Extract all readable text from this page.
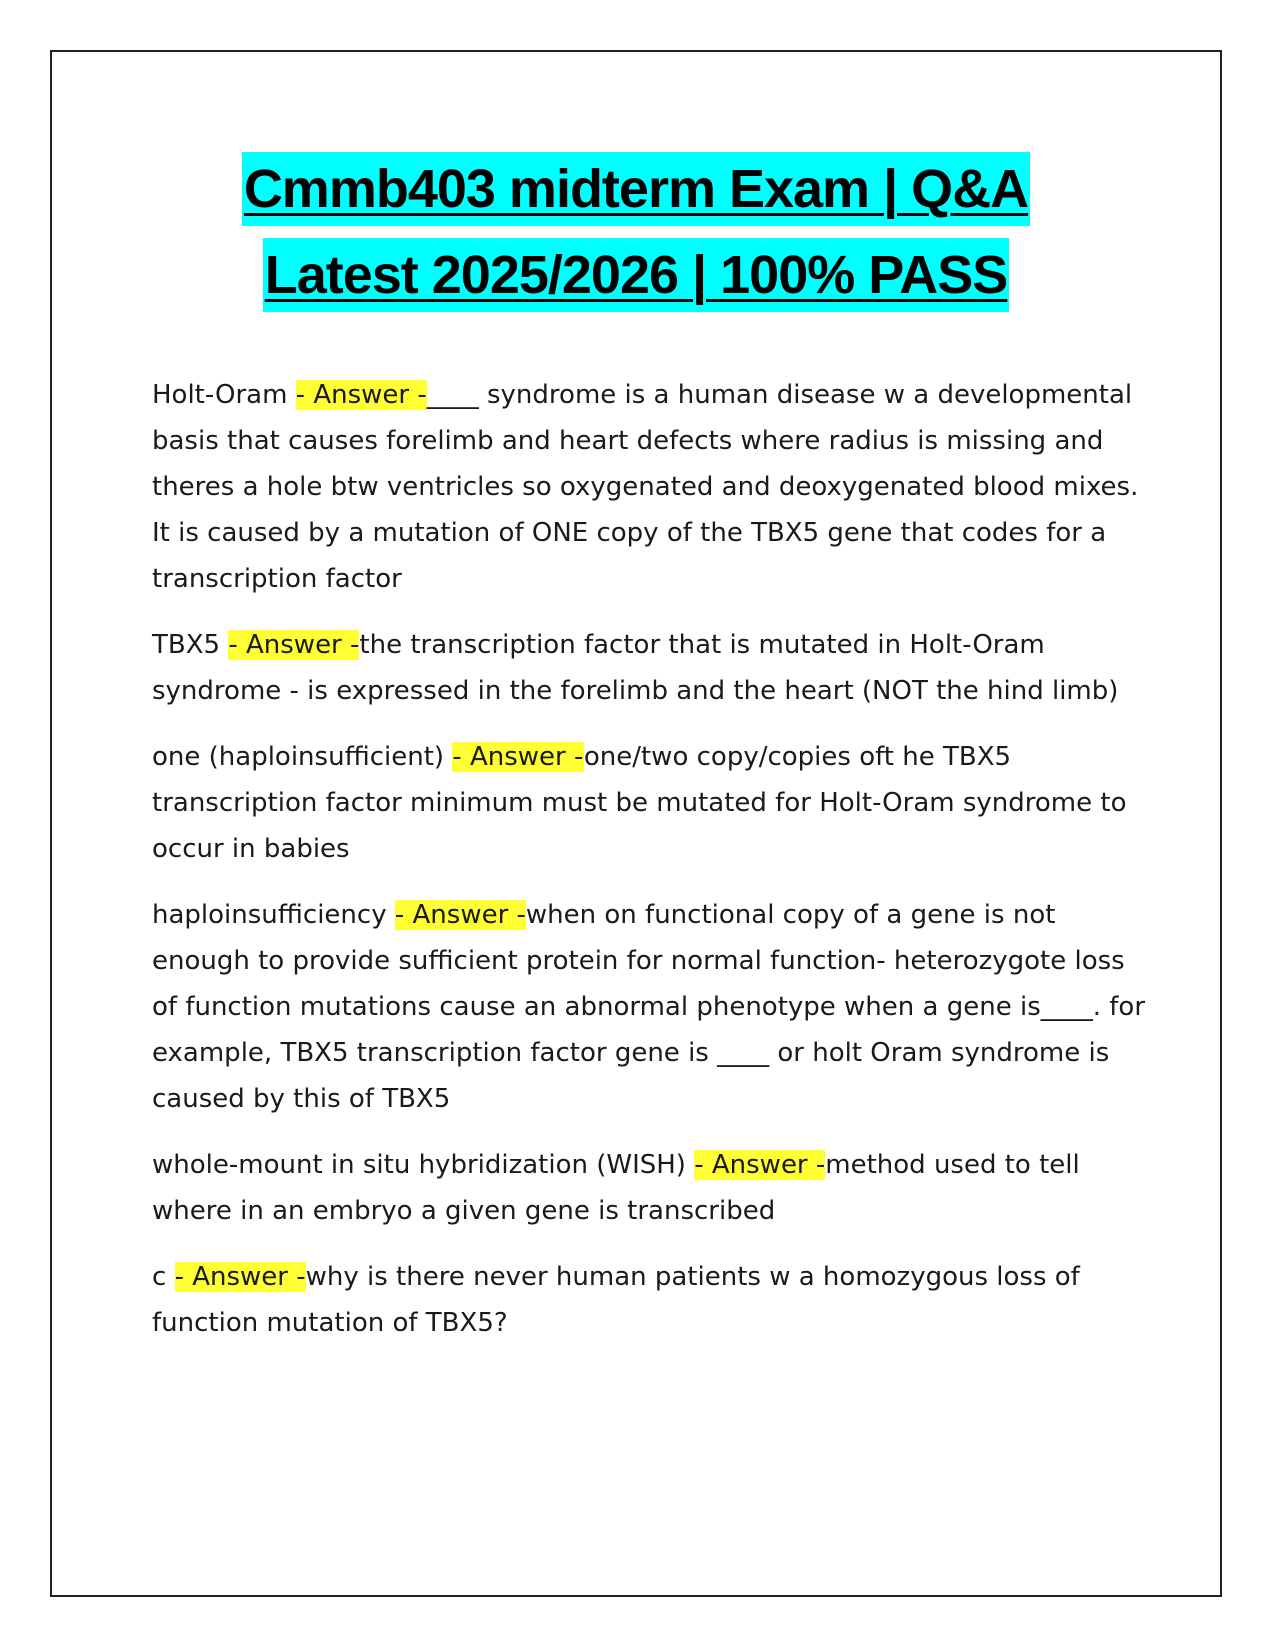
Cmmb403 midterm Exam | Q&A
Latest 2025/2026 | 100% PASS

Holt-Oram - Answer -____ syndrome is a human disease w a developmental basis that causes forelimb and heart defects where radius is missing and theres a hole btw ventricles so oxygenated and deoxygenated blood mixes. It is caused by a mutation of ONE copy of the TBX5 gene that codes for a transcription factor

TBX5 - Answer -the transcription factor that is mutated in Holt-Oram syndrome - is expressed in the forelimb and the heart (NOT the hind limb)

one (haploinsufficient) - Answer -one/two copy/copies oft he TBX5 transcription factor minimum must be mutated for Holt-Oram syndrome to occur in babies

haploinsufficiency - Answer -when on functional copy of a gene is not enough to provide sufficient protein for normal function- heterozygote loss of function mutations cause an abnormal phenotype when a gene is____. for example, TBX5 transcription factor gene is ____ or holt Oram syndrome is caused by this of TBX5

whole-mount in situ hybridization (WISH) - Answer -method used to tell where in an embryo a given gene is transcribed

c - Answer -why is there never human patients w a homozygous loss of function mutation of TBX5?
